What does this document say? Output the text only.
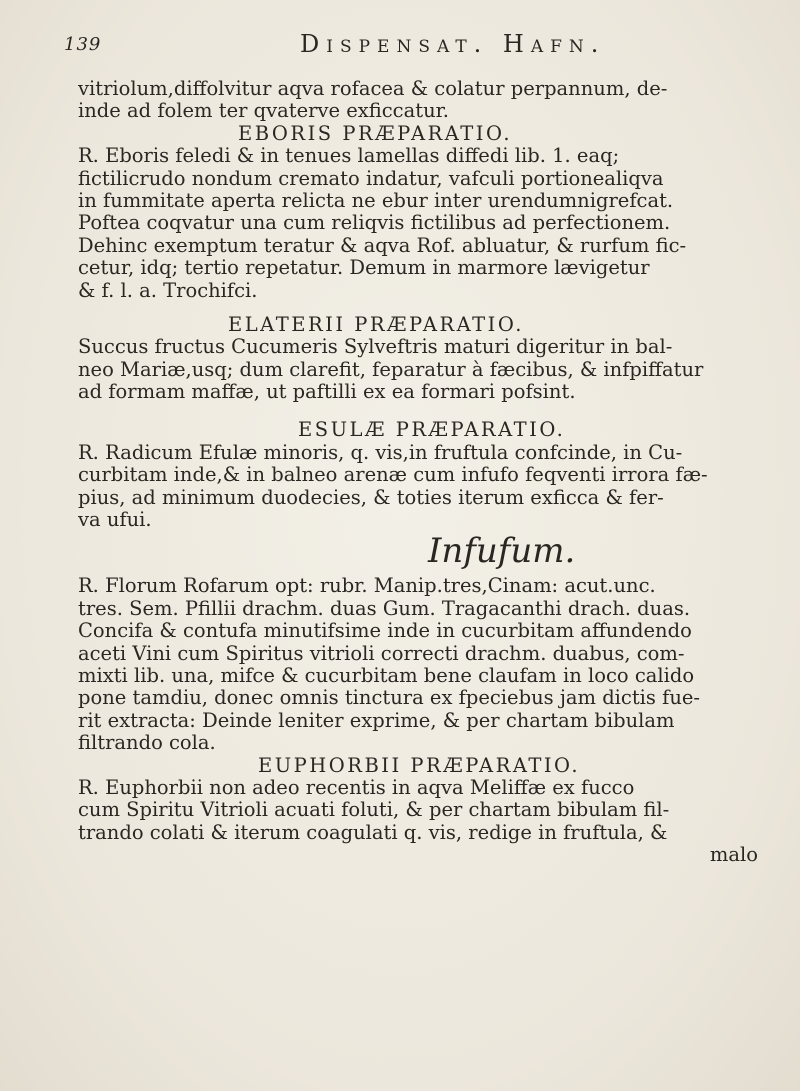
139	Dispensat. Hafn.
vitriolum,diffolvitur aqva rofacea & colatur perpannum, de-
inde ad folem ter qvaterve exficcatur.
EBORIS PRÆPARATIO.
R. Eboris feledi & in tenues lamellas diffedi lib. 1. eaq;
fictilicrudo nondum cremato indatur, vafculi portionealiqva
in fummitate aperta relicta ne ebur inter urendumnigrefcat.
Poftea coqvatur una cum reliqvis fictilibus ad perfectionem.
Dehinc exemptum teratur & aqva Rof. abluatur, & rurfum fic-
cetur, idq; tertio repetatur. Demum in marmore lævigetur
& f. l. a. Trochifci.
ELATERII PRÆPARATIO.
Succus fructus Cucumeris Sylveftris maturi digeritur in bal-
neo Mariæ,usq; dum clarefit, feparatur à fæcibus, & infpiffatur
ad formam maffæ, ut paftilli ex ea formari pofsint.
ESULÆ PRÆPARATIO.
R. Radicum Efulæ minoris, q. vis,in fruftula confcinde, in Cu-
curbitam inde,& in balneo arenæ cum infufo feqventi irrora fæ-
pius, ad minimum duodecies, & toties iterum exficca & fer-
va ufui.
Infufum.
R. Florum Rofarum opt: rubr. Manip.tres,Cinam: acut.unc.
tres. Sem. Pfillii drachm. duas Gum. Tragacanthi drach. duas.
Concifa & contufa minutifsime inde in cucurbitam affundendo
aceti Vini cum Spiritus vitrioli correcti drachm. duabus, com-
mixti lib. una, mifce & cucurbitam bene claufam in loco calido
pone tamdiu, donec omnis tinctura ex fpeciebus jam dictis fue-
rit extracta: Deinde leniter exprime, & per chartam bibulam
filtrando cola.
EUPHORBII PRÆPARATIO.
R. Euphorbii non adeo recentis in aqva Meliffæ ex fucco
cum Spiritu Vitrioli acuati foluti, & per chartam bibulam fil-
trando colati & iterum coagulati q. vis, redige in fruftula, &
malo
